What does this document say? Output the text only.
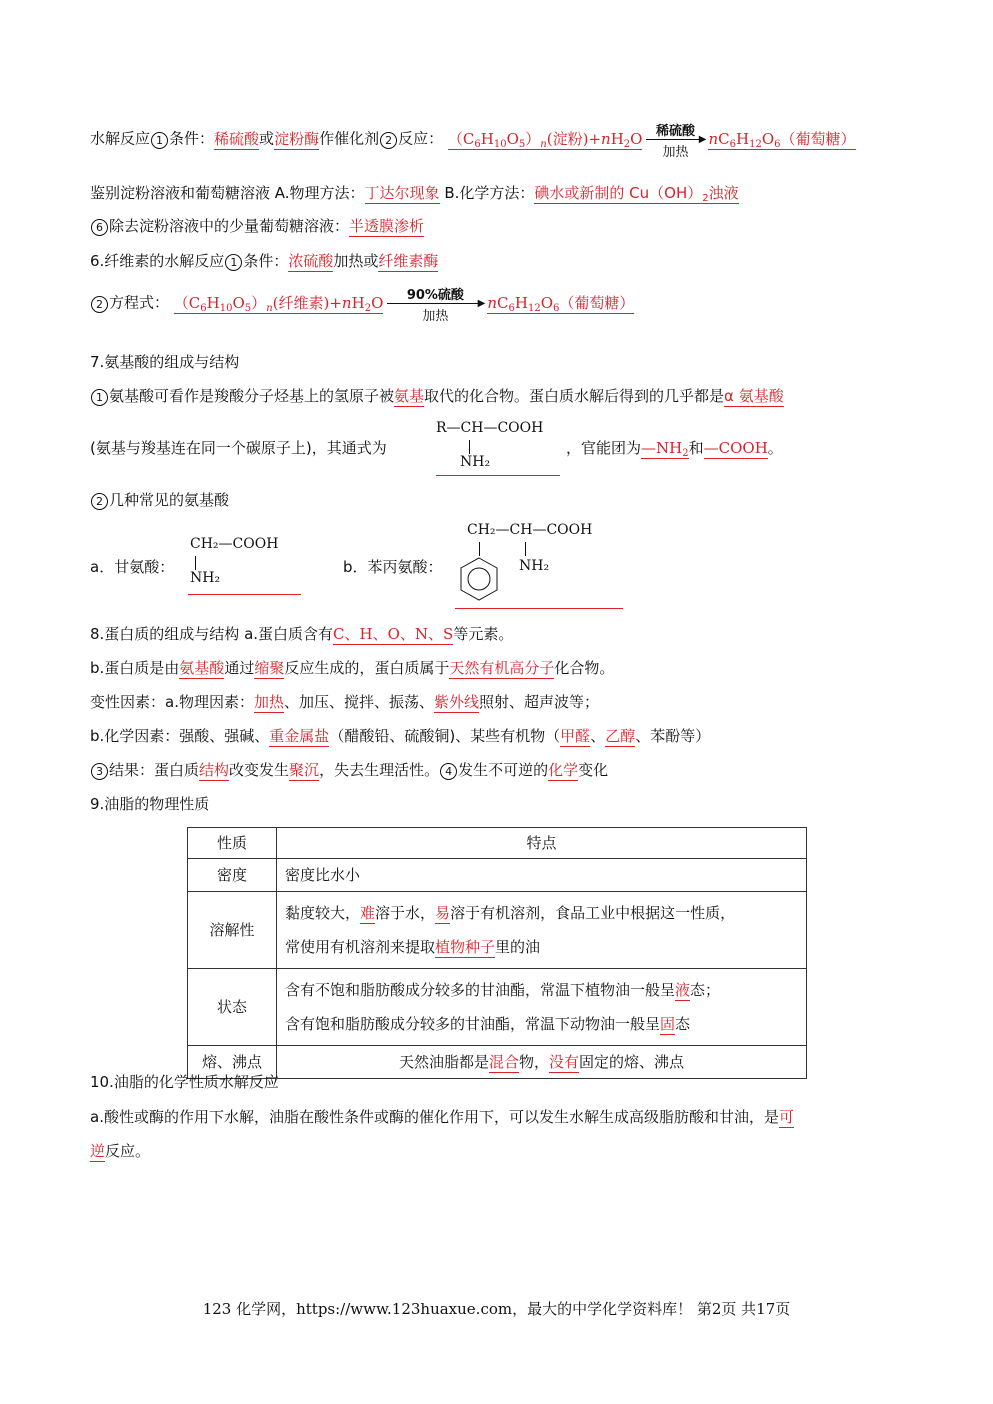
水解反应 1 条件：稀硫酸或淀粉酶作催化剂 2 反应： $(C_6H_{10}O_5)_n$(淀粉)$+nH_2O$	稀硫酸
▶
加热
$nC_6H_{12}O_6$（葡萄糖）
鉴别淀粉溶液和葡萄糖溶液 A.物理方法：丁达尔现象 B.化学方法：碘水或新制的 $Cu(OH)_2$浊液
6 除去淀粉溶液中的少量葡萄糖溶液：半透膜渗析
6.纤维素的水解反应 1 条件：浓硫酸加热或纤维素酶
2 方程式： $(C_6H_{10}O_5)_n$(纤维素)$+nH_2O$	90%硫酸
▶
加热
$nC_6H_{12}O_6$（葡萄糖）
7.氨基酸的组成与结构
1 氨基酸可看作是羧酸分子烃基上的氢原子被氨基取代的化合物。蛋白质水解后得到的几乎都是α 氨基酸
(氨基与羧基连在同一个碳原子上)，其通式为
R—CH—COOH
NH₂
，官能团为$—NH_2$和—COOH。
2 几种常见的氨基酸
a．甘氨酸：
CH₂—COOH
NH₂
b．苯丙氨酸：
CH₂—CH—COOH
NH₂
8.蛋白质的组成与结构 a.蛋白质含有C、H、O、N、S等元素。
b.蛋白质是由氨基酸通过缩聚反应生成的，蛋白质属于天然有机高分子化合物。
变性因素：a.物理因素：加热、加压、搅拌、振荡、紫外线照射、超声波等；
b.化学因素：强酸、强碱、重金属盐（醋酸铅、硫酸铜)、某些有机物（甲醛、乙醇、苯酚等）
3 结果：蛋白质结构改变发生聚沉，失去生理活性。 4 发生不可逆的化学变化
9.油脂的物理性质
性质	特点
密度	密度比水小
溶解性	黏度较大，难溶于水，易溶于有机溶剂，食品工业中根据这一性质，
常使用有机溶剂来提取植物种子里的油
状态	含有不饱和脂肪酸成分较多的甘油酯，常温下植物油一般呈液态；
含有饱和脂肪酸成分较多的甘油酯，常温下动物油一般呈固态
熔、沸点	天然油脂都是混合物，没有固定的熔、沸点
10.油脂的化学性质水解反应
a.酸性或酶的作用下水解，油脂在酸性条件或酶的催化作用下，可以发生水解生成高级脂肪酸和甘油，是可
逆反应。
123 化学网，https://www.123huaxue.com，最大的中学化学资料库！ 第2页 共17页
